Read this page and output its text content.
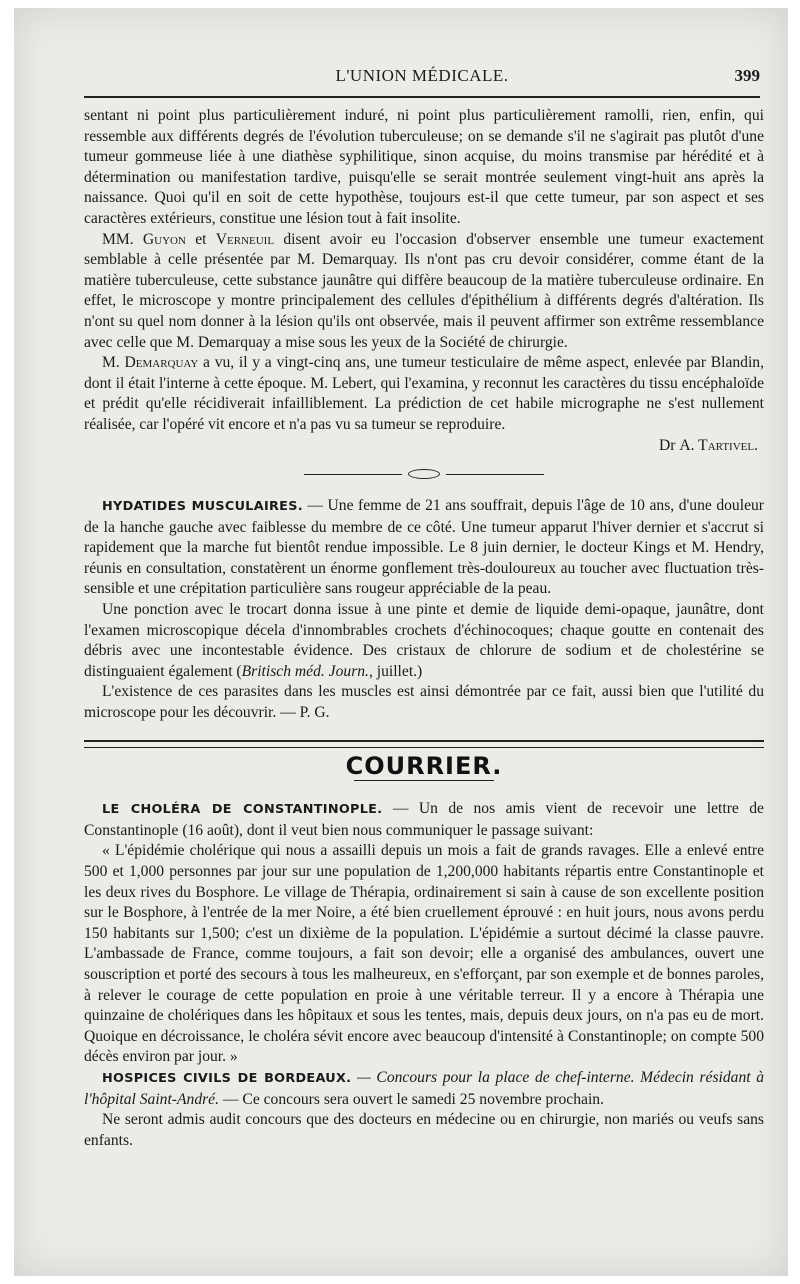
L'UNION MÉDICALE.	399

sentant ni point plus particulièrement induré, ni point plus particulièrement ramolli, rien, enfin, qui ressemble aux différents degrés de l'évolution tuberculeuse; on se demande s'il ne s'agirait pas plutôt d'une tumeur gommeuse liée à une diathèse syphilitique, sinon acquise, du moins transmise par hérédité et à détermination ou manifestation tardive, puisqu'elle se serait montrée seulement vingt-huit ans après la naissance. Quoi qu'il en soit de cette hypothèse, toujours est-il que cette tumeur, par son aspect et ses caractères extérieurs, constitue une lésion tout à fait insolite.

MM. Guyon et Verneuil disent avoir eu l'occasion d'observer ensemble une tumeur exactement semblable à celle présentée par M. Demarquay. Ils n'ont pas cru devoir considérer, comme étant de la matière tuberculeuse, cette substance jaunâtre qui diffère beaucoup de la matière tuberculeuse ordinaire. En effet, le microscope y montre principalement des cellules d'épithélium à différents degrés d'altération. Ils n'ont su quel nom donner à la lésion qu'ils ont observée, mais il peuvent affirmer son extrême ressemblance avec celle que M. Demarquay a mise sous les yeux de la Société de chirurgie.

M. Demarquay a vu, il y a vingt-cinq ans, une tumeur testiculaire de même aspect, enlevée par Blandin, dont il était l'interne à cette époque. M. Lebert, qui l'examina, y reconnut les caractères du tissu encéphaloïde et prédit qu'elle récidiverait infailliblement. La prédiction de cet habile micrographe ne s'est nullement réalisée, car l'opéré vit encore et n'a pas vu sa tumeur se reproduire.

Dr A. Tartivel.

HYDATIDES MUSCULAIRES. — Une femme de 21 ans souffrait, depuis l'âge de 10 ans, d'une douleur de la hanche gauche avec faiblesse du membre de ce côté. Une tumeur apparut l'hiver dernier et s'accrut si rapidement que la marche fut bientôt rendue impossible. Le 8 juin dernier, le docteur Kings et M. Hendry, réunis en consultation, constatèrent un énorme gonflement très-douloureux au toucher avec fluctuation très-sensible et une crépitation particulière sans rougeur appréciable de la peau.

Une ponction avec le trocart donna issue à une pinte et demie de liquide demi-opaque, jaunâtre, dont l'examen microscopique décela d'innombrables crochets d'échinocoques; chaque goutte en contenait des débris avec une incontestable évidence. Des cristaux de chlorure de sodium et de cholestérine se distinguaient également (Britisch méd. Journ., juillet.)

L'existence de ces parasites dans les muscles est ainsi démontrée par ce fait, aussi bien que l'utilité du microscope pour les découvrir. — P. G.

COURRIER.

LE CHOLÉRA DE CONSTANTINOPLE. — Un de nos amis vient de recevoir une lettre de Constantinople (16 août), dont il veut bien nous communiquer le passage suivant:

« L'épidémie cholérique qui nous a assailli depuis un mois a fait de grands ravages. Elle a enlevé entre 500 et 1,000 personnes par jour sur une population de 1,200,000 habitants répartis entre Constantinople et les deux rives du Bosphore. Le village de Thérapia, ordinairement si sain à cause de son excellente position sur le Bosphore, à l'entrée de la mer Noire, a été bien cruellement éprouvé : en huit jours, nous avons perdu 150 habitants sur 1,500; c'est un dixième de la population. L'épidémie a surtout décimé la classe pauvre. L'ambassade de France, comme toujours, a fait son devoir; elle a organisé des ambulances, ouvert une souscription et porté des secours à tous les malheureux, en s'efforçant, par son exemple et de bonnes paroles, à relever le courage de cette population en proie à une véritable terreur. Il y a encore à Thérapia une quinzaine de cholériques dans les hôpitaux et sous les tentes, mais, depuis deux jours, on n'a pas eu de mort. Quoique en décroissance, le choléra sévit encore avec beaucoup d'intensité à Constantinople; on compte 500 décès environ par jour. »

HOSPICES CIVILS DE BORDEAUX. — Concours pour la place de chef-interne. Médecin résidant à l'hôpital Saint-André. — Ce concours sera ouvert le samedi 25 novembre prochain.

Ne seront admis audit concours que des docteurs en médecine ou en chirurgie, non mariés ou veufs sans enfants.
